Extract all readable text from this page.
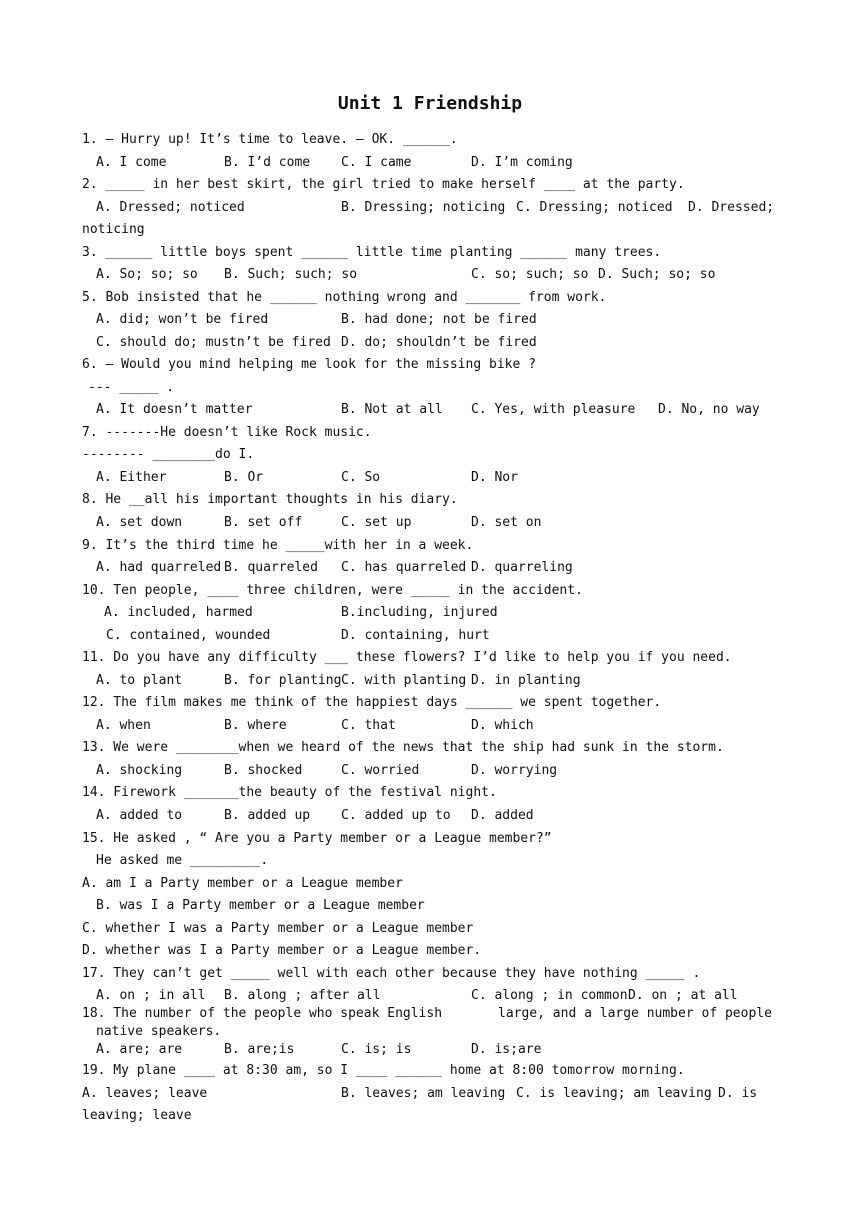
Unit 1 Friendship
1. — Hurry up! It’s time to leave. — OK. ______.
A. I come	B. I’d come C. I came	D. I’m coming
2. _____ in her best skirt, the girl tried to make herself ____ at the party.
A. Dressed; noticed	B. Dressing; noticing C. Dressing; noticed D. Dressed;
noticing
3. ______ little boys spent ______ little time planting ______ many trees.
A. So; so; so B. Such; such; so	C. so; such; so D. Such; so; so
5. Bob insisted that he ______ nothing wrong and _______ from work.
A. did; won’t be fired	B. had done; not be fired
C. should do; mustn’t be fired D. do; shouldn’t be fired
6. – Would you mind helping me look for the missing bike ?
--- _____ .
A. It doesn’t matter	B. Not at all C. Yes, with pleasure D. No, no way
7. -------He doesn’t like Rock music.
-------- ________do I.
A. Either	B. Or	C. So	D. Nor
8. He __all his important thoughts in his diary.
A. set down	B. set off	C. set up	D. set on
9. It’s the third time he _____with her in a week.
A. had quarreled B. quarreled C. has quarreled D. quarreling
10. Ten people, ____ three children, were _____ in the accident.
A. included, harmed	B.including, injured
C. contained, wounded	D. containing, hurt
11. Do you have any difficulty ___ these flowers? I’d like to help you if you need.
A. to plant	B. for planting C. with planting D. in planting
12. The film makes me think of the happiest days ______ we spent together.
A. when	B. where	C. that	D. which
13. We were ________when we heard of the news that the ship had sunk in the storm.
A. shocking	B. shocked	C. worried	D. worrying
14. Firework _______the beauty of the festival night.
A. added to	B. added up C. added up to D. added
15. He asked , “ Are you a Party member or a League member?”
He asked me _________.
A. am I a Party member or a League member
B. was I a Party member or a League member
C. whether I was a Party member or a League member
D. whether was I a Party member or a League member.
17. They can’t get _____ well with each other because they have nothing _____ .
A. on ; in all B. along ; after all	C. along ; in common D. on ; at all
18. The number of the people who speak English	large, and a large number of people
native speakers.
A. are; are	B. are;is	C. is; is	D. is;are
19. My plane ____ at 8:30 am, so I ____ ______ home at 8:00 tomorrow morning.
A. leaves; leave	B. leaves; am leaving C. is leaving; am leaving D. is
leaving; leave
